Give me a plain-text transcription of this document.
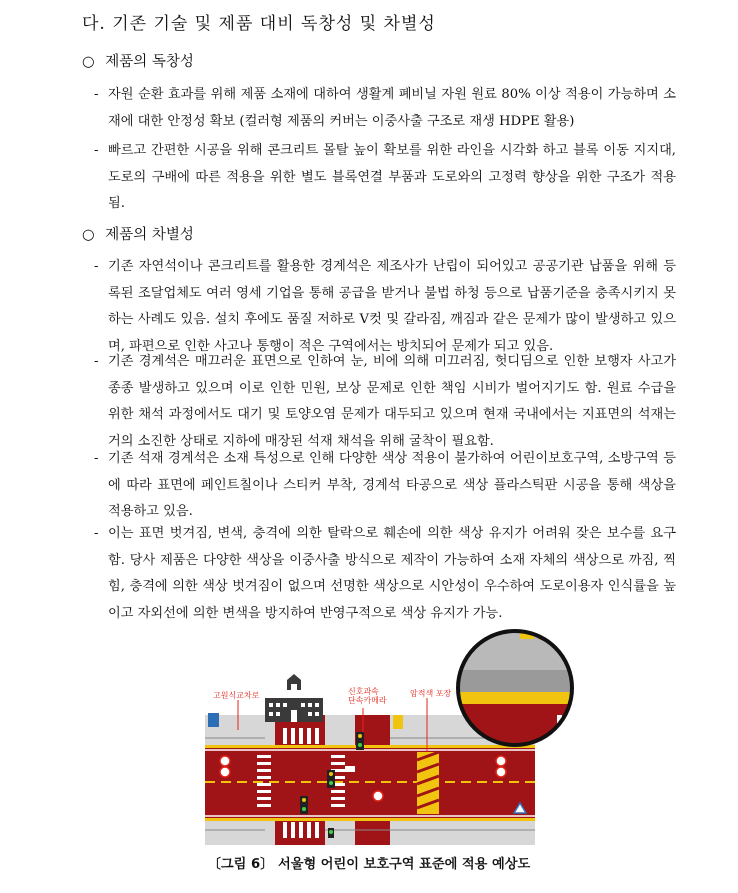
다. 기존 기술 및 제품 대비 독창성 및 차별성
○ 제품의 독창성
- 자원 순환 효과를 위해 제품 소재에 대하여 생활계 폐비닐 자원 원료 80% 이상 적용이 가능하며 소재에 대한 안정성 확보 (컬러형 제품의 커버는 이중사출 구조로 재생 HDPE 활용)
- 빠르고 간편한 시공을 위해 콘크리트 몰탈 높이 확보를 위한 라인을 시각화 하고 블록 이동 지지대, 도로의 구배에 따른 적용을 위한 별도 블록연결 부품과 도로와의 고정력 향상을 위한 구조가 적용됨.
○ 제품의 차별성
- 기존 자연석이나 콘크리트를 활용한 경계석은 제조사가 난립이 되어있고 공공기관 납품을 위해 등록된 조달업체도 여러 영세 기업을 통해 공급을 받거나 불법 하청 등으로 납품기준을 충족시키지 못하는 사례도 있음. 설치 후에도 품질 저하로 V컷 및 갈라짐, 깨짐과 같은 문제가 많이 발생하고 있으며, 파편으로 인한 사고나 통행이 적은 구역에서는 방치되어 문제가 되고 있음.
- 기존 경계석은 매끄러운 표면으로 인하여 눈, 비에 의해 미끄러짐, 헛디딤으로 인한 보행자 사고가 종종 발생하고 있으며 이로 인한 민원, 보상 문제로 인한 책임 시비가 벌어지기도 함. 원료 수급을 위한 채석 과정에서도 대기 및 토양오염 문제가 대두되고 있으며 현재 국내에서는 지표면의 석재는 거의 소진한 상태로 지하에 매장된 석재 채석을 위해 굴착이 필요함.
- 기존 석재 경계석은 소재 특성으로 인해 다양한 색상 적용이 불가하여 어린이보호구역, 소방구역 등에 따라 표면에 페인트칠이나 스티커 부착, 경계석 타공으로 색상 플라스틱판 시공을 통해 색상을 적용하고 있음.
- 이는 표면 벗겨짐, 변색, 충격에 의한 탈락으로 훼손에 의한 색상 유지가 어려워 잦은 보수를 요구함. 당사 제품은 다양한 색상을 이중사출 방식으로 제작이 가능하여 소재 자체의 색상으로 까짐, 찍힘, 충격에 의한 색상 벗겨짐이 없으며 선명한 색상으로 시안성이 우수하여 도로이용자 인식률을 높이고 자외선에 의한 변색을 방지하여 반영구적으로 색상 유지가 가능.
고원식교차로	신호과속 단속카메라
암적색 포장
〔그림 6〕 서울형 어린이 보호구역 표준에 적용 예상도
